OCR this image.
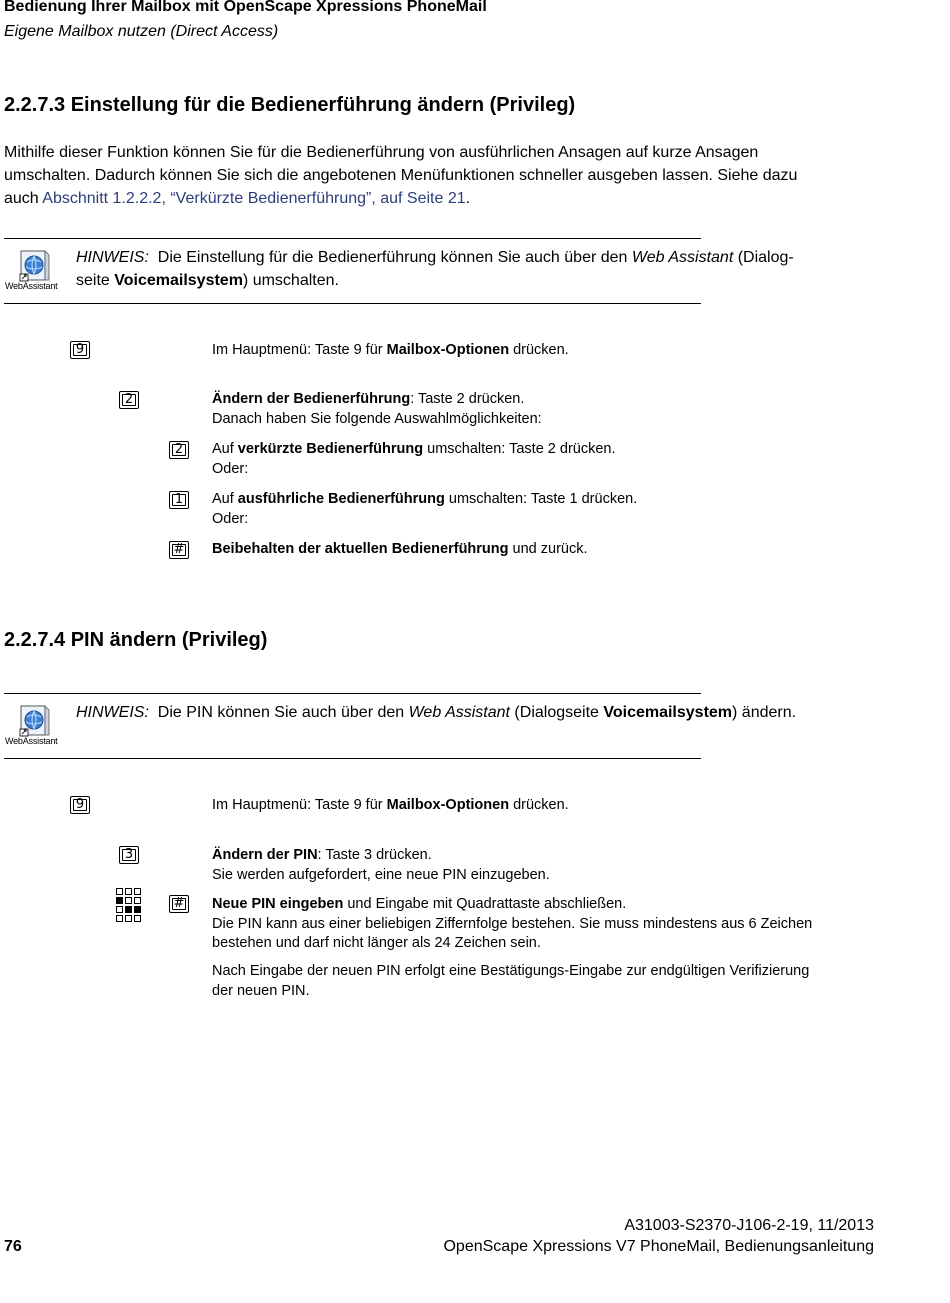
Bedienung Ihrer Mailbox mit OpenScape Xpressions PhoneMail
Eigene Mailbox nutzen (Direct Access)
2.2.7.3 Einstellung für die Bedienerführung ändern (Privileg)
Mithilfe dieser Funktion können Sie für die Bedienerführung von ausführlichen Ansagen auf kurze Ansagen
umschalten. Dadurch können Sie sich die angebotenen Menüfunktionen schneller ausgeben lassen. Siehe dazu
auch Abschnitt 1.2.2.2, “Verkürzte Bedienerführung”, auf Seite 21.
WebAssistant
HINWEIS: Die Einstellung für die Bedienerführung können Sie auch über den Web Assistant (Dialog-
seite Voicemailsystem) umschalten.
9	Im Hauptmenü: Taste 9 für Mailbox-Optionen drücken.
2	Ändern der Bedienerführung: Taste 2 drücken.
Danach haben Sie folgende Auswahlmöglichkeiten:
2	Auf verkürzte Bedienerführung umschalten: Taste 2 drücken.
Oder:
1	Auf ausführliche Bedienerführung umschalten: Taste 1 drücken.
Oder:
#	Beibehalten der aktuellen Bedienerführung und zurück.
2.2.7.4 PIN ändern (Privileg)
WebAssistant
HINWEIS: Die PIN können Sie auch über den Web Assistant (Dialogseite Voicemailsystem) ändern.
9	Im Hauptmenü: Taste 9 für Mailbox-Optionen drücken.
3	Ändern der PIN: Taste 3 drücken.
Sie werden aufgefordert, eine neue PIN einzugeben.
#	Neue PIN eingeben und Eingabe mit Quadrattaste abschließen.
Die PIN kann aus einer beliebigen Ziffernfolge bestehen. Sie muss mindestens aus 6 Zeichen
bestehen und darf nicht länger als 24 Zeichen sein.
Nach Eingabe der neuen PIN erfolgt eine Bestätigungs-Eingabe zur endgültigen Verifizierung
der neuen PIN.
A31003-S2370-J106-2-19, 11/2013
76	OpenScape Xpressions V7 PhoneMail, Bedienungsanleitung
